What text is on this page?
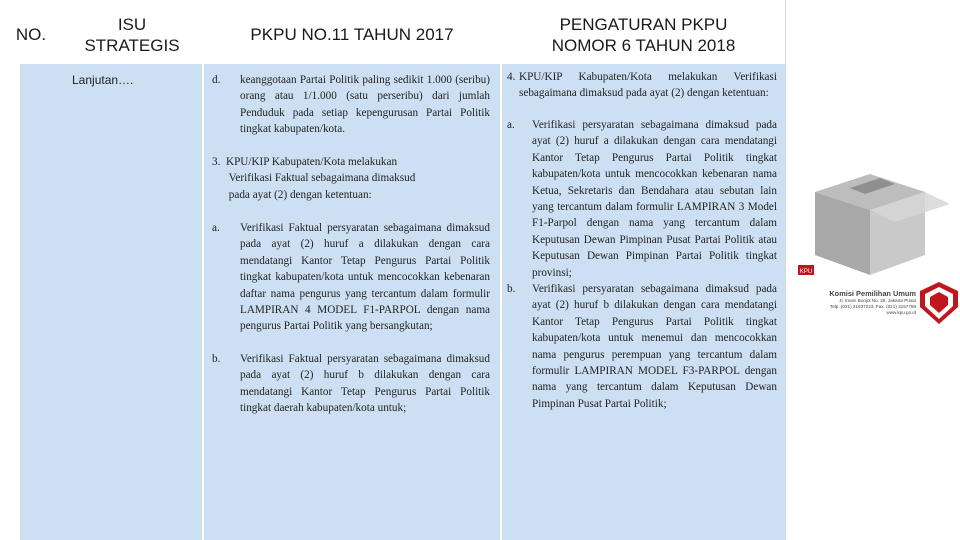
NO.
ISU
STRATEGIS
PKPU NO.11 TAHUN 2017
PENGATURAN PKPU
NOMOR 6 TAHUN 2018
Lanjutan….	d. keanggotaan Partai Politik paling sedikit 1.000 (seribu) orang atau 1/1.000 (satu perseribu) dari jumlah Penduduk pada setiap kepengurusan Partai Politik tingkat kabupaten/kota.
3.  KPU/KIP Kabupaten/Kota melakukan
Verifikasi Faktual sebagaimana dimaksud
pada ayat (2) dengan ketentuan:
a. Verifikasi Faktual persyaratan sebagaimana dimaksud pada ayat (2) huruf a dilakukan dengan cara mendatangi Kantor Tetap Pengurus Partai Politik tingkat kabupaten/kota untuk mencocokkan kebenaran daftar nama pengurus yang tercantum dalam formulir LAMPIRAN 4 MODEL F1-PARPOL dengan nama pengurus Partai Politik yang bersangkutan;
b. Verifikasi Faktual persyaratan sebagaimana dimaksud pada ayat (2) huruf b dilakukan dengan cara mendatangi Kantor Tetap Pengurus Partai Politik tingkat daerah kabupaten/kota untuk;
4. KPU/KIP Kabupaten/Kota melakukan Verifikasi sebagaimana dimaksud pada ayat (2) dengan ketentuan:
a. Verifikasi persyaratan sebagaimana dimaksud pada ayat (2) huruf a dilakukan dengan cara mendatangi Kantor Tetap Pengurus Partai Politik tingkat kabupaten/kota untuk mencocokkan kebenaran nama Ketua, Sekretaris dan Bendahara atau sebutan lain yang tercantum dalam formulir LAMPIRAN 3 Model F1-Parpol dengan nama yang tercantum dalam Keputusan Dewan Pimpinan Pusat Partai Politik atau Keputusan Dewan Pimpinan Partai Politik tingkat provinsi;
b. Verifikasi persyaratan sebagaimana dimaksud pada ayat (2) huruf b dilakukan dengan cara mendatangi Kantor Tetap Pengurus Partai Politik tingkat kabupaten/kota untuk menemui dan mencocokkan nama pengurus perempuan yang tercantum dalam formulir LAMPIRAN MODEL F3-PARPOL dengan nama yang tercantum dalam Keputusan Dewan Pimpinan Pusat Partai Politik;
Komisi Pemilihan Umum
Jl. Imam Bonjol No. 29, Jakarta Pusat
Telp. (021) 31937223, Fax. (021) 3157759
www.kpu.go.id
KPU
